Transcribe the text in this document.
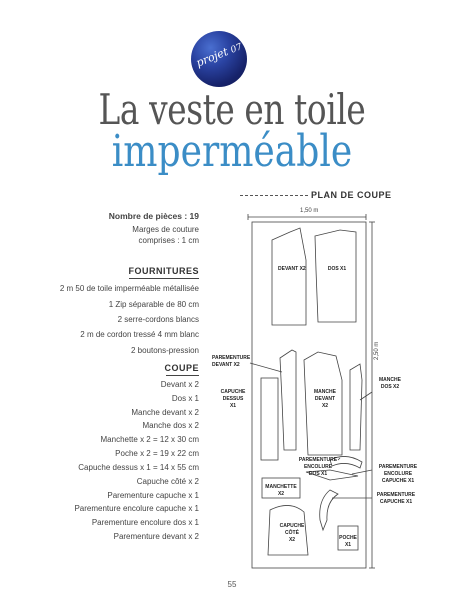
projet 07
La veste en toile
imperméable
Nombre de pièces : 19
Marges de couture
comprises : 1 cm
FOURNITURES
2 m 50 de toile imperméable métallisée
1 Zip séparable de 80 cm
2 serre-cordons blancs
2 m de cordon tressé 4 mm blanc
2 boutons-pression
COUPE
Devant x 2
Dos x 1
Manche devant x 2
Manche dos x 2
Manchette x 2 = 12 x 30 cm
Poche x 2 = 19 x 22 cm
Capuche dessus x 1 = 14 x 55 cm
Capuche côté x 2
Parementure capuche x 1
Parementure encolure capuche x 1
Parementure encolure dos x 1
Parementure devant x 2
PLAN DE COUPE
1,50 m
2,50 m
DEVANT X2	DOS X1
PAREMENTURE
DEVANT X2
CAPUCHE
DESSUS
X1
MANCHE
DEVANT
X2
MANCHE
DOS X2
PAREMENTURE
ENCOLURE
DOS X1
PAREMENTURE
ENCOLURE
CAPUCHE X1
PAREMENTURE
CAPUCHE X1
MANCHETTE
X2
CAPUCHE
CÔTÉ
X2	POCHE
X1
55
